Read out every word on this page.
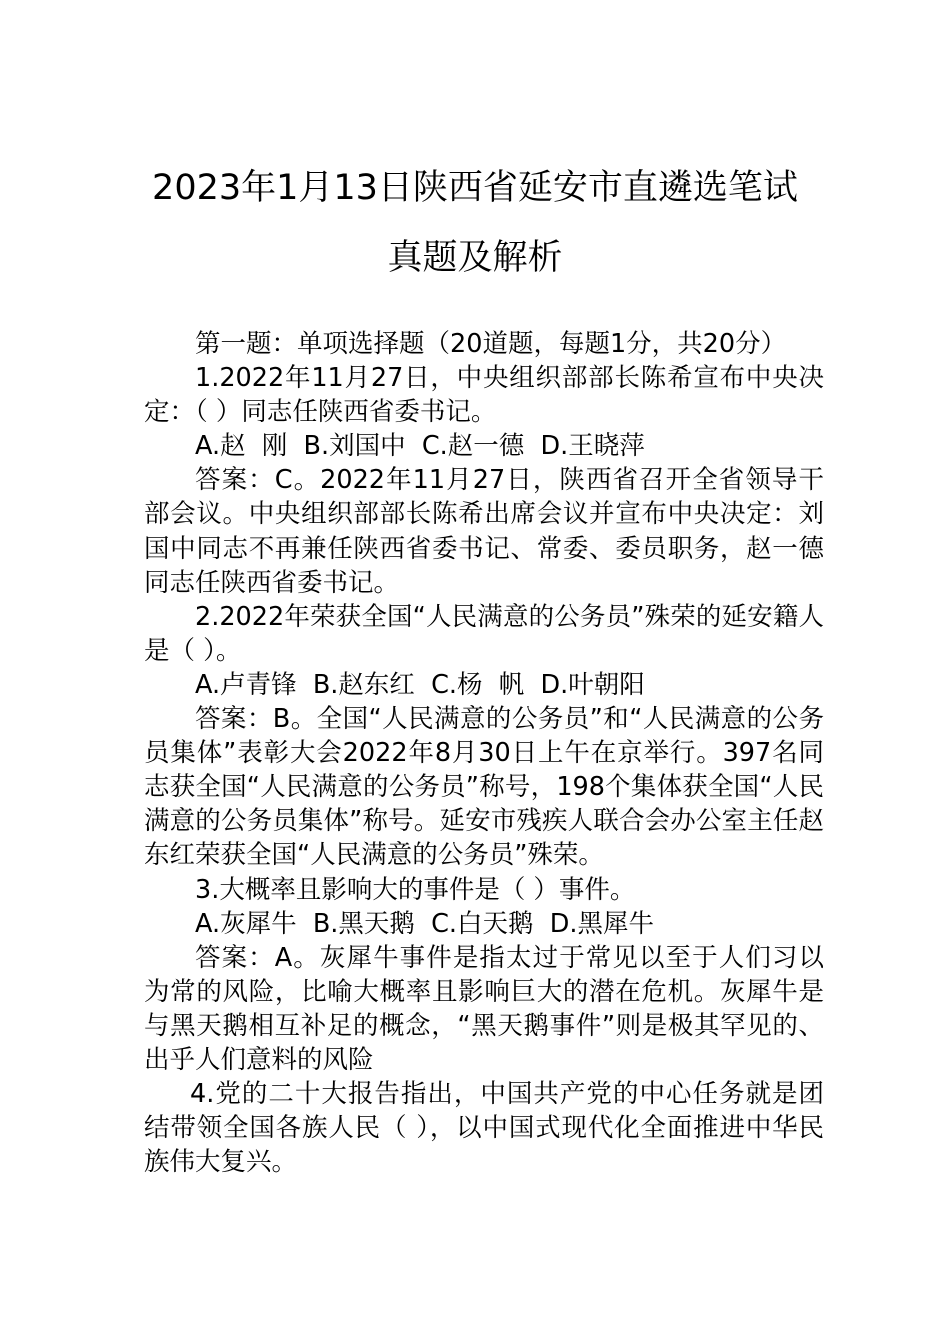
2023年1月13日陕西省延安市直遴选笔试
真题及解析

第一题：单项选择题（20道题，每题1分，共20分）

1.2022年11月27日，中央组织部部长陈希宣布中央决定：（ ）同志任陕西省委书记。

A.赵  刚  B.刘国中  C.赵一德  D.王晓萍

答案：C。2022年11月27日，陕西省召开全省领导干部会议。中央组织部部长陈希出席会议并宣布中央决定：刘国中同志不再兼任陕西省委书记、常委、委员职务，赵一德同志任陕西省委书记。

2.2022年荣获全国“人民满意的公务员”殊荣的延安籍人是（ ）。

A.卢青锋  B.赵东红  C.杨  帆  D.叶朝阳

答案：B。全国“人民满意的公务员”和“人民满意的公务员集体”表彰大会2022年8月30日上午在京举行。397名同志获全国“人民满意的公务员”称号，198个集体获全国“人民满意的公务员集体”称号。延安市残疾人联合会办公室主任赵东红荣获全国“人民满意的公务员”殊荣。

3.大概率且影响大的事件是（ ）事件。

A.灰犀牛  B.黑天鹅  C.白天鹅  D.黑犀牛

答案：A。灰犀牛事件是指太过于常见以至于人们习以为常的风险，比喻大概率且影响巨大的潜在危机。灰犀牛是与黑天鹅相互补足的概念，“黑天鹅事件”则是极其罕见的、出乎人们意料的风险

4.党的二十大报告指出，中国共产党的中心任务就是团结带领全国各族人民（ ），以中国式现代化全面推进中华民族伟大复兴。
